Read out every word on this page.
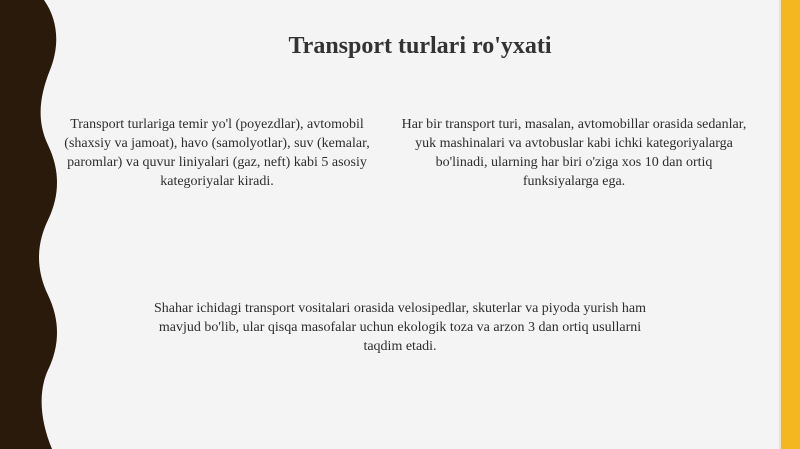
Transport turlari ro'yxati
Transport turlariga temir yo'l (poyezdlar), avtomobil (shaxsiy va jamoat), havo (samolyotlar), suv (kemalar, paromlar) va quvur liniyalari (gaz, neft) kabi 5 asosiy kategoriyalar kiradi.
Har bir transport turi, masalan, avtomobillar orasida sedanlar, yuk mashinalari va avtobuslar kabi ichki kategoriyalarga bo'linadi, ularning har biri o'ziga xos 10 dan ortiq funksiyalarga ega.
Shahar ichidagi transport vositalari orasida velosipedlar, skuterlar va piyoda yurish ham mavjud bo'lib, ular qisqa masofalar uchun ekologik toza va arzon 3 dan ortiq usullarni taqdim etadi.
